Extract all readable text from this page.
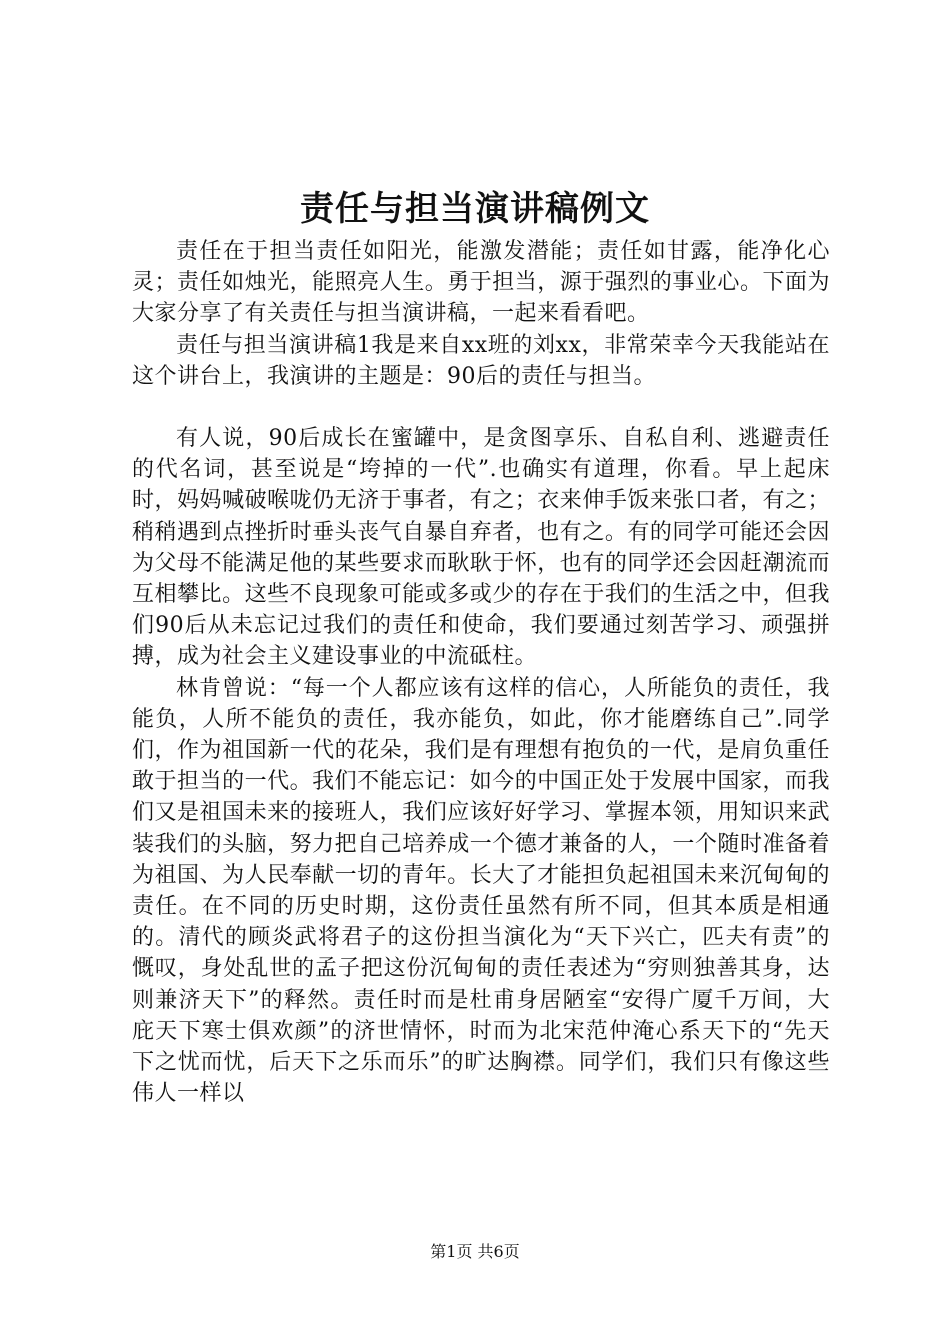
责任与担当演讲稿例文

责任在于担当责任如阳光，能激发潜能；责任如甘露，能净化心灵；责任如烛光，能照亮人生。勇于担当，源于强烈的事业心。下面为大家分享了有关责任与担当演讲稿，一起来看看吧。

责任与担当演讲稿1我是来自xx班的刘xx，非常荣幸今天我能站在这个讲台上，我演讲的主题是：90后的责任与担当。

有人说，90后成长在蜜罐中，是贪图享乐、自私自利、逃避责任的代名词，甚至说是“垮掉的一代”.也确实有道理，你看。早上起床时，妈妈喊破喉咙仍无济于事者，有之；衣来伸手饭来张口者，有之；稍稍遇到点挫折时垂头丧气自暴自弃者，也有之。有的同学可能还会因为父母不能满足他的某些要求而耿耿于怀，也有的同学还会因赶潮流而互相攀比。这些不良现象可能或多或少的存在于我们的生活之中，但我们90后从未忘记过我们的责任和使命，我们要通过刻苦学习、顽强拼搏，成为社会主义建设事业的中流砥柱。

林肯曾说：“每一个人都应该有这样的信心，人所能负的责任，我能负，人所不能负的责任，我亦能负，如此，你才能磨练自己”.同学们，作为祖国新一代的花朵，我们是有理想有抱负的一代，是肩负重任敢于担当的一代。我们不能忘记：如今的中国正处于发展中国家，而我们又是祖国未来的接班人，我们应该好好学习、掌握本领，用知识来武装我们的头脑，努力把自己培养成一个德才兼备的人，一个随时准备着为祖国、为人民奉献一切的青年。长大了才能担负起祖国未来沉甸甸的责任。在不同的历史时期，这份责任虽然有所不同，但其本质是相通的。清代的顾炎武将君子的这份担当演化为“天下兴亡，匹夫有责”的慨叹，身处乱世的孟子把这份沉甸甸的责任表述为“穷则独善其身，达则兼济天下”的释然。责任时而是杜甫身居陋室“安得广厦千万间，大庇天下寒士俱欢颜”的济世情怀，时而为北宋范仲淹心系天下的“先天下之忧而忧，后天下之乐而乐”的旷达胸襟。同学们，我们只有像这些伟人一样以

第1页 共6页
